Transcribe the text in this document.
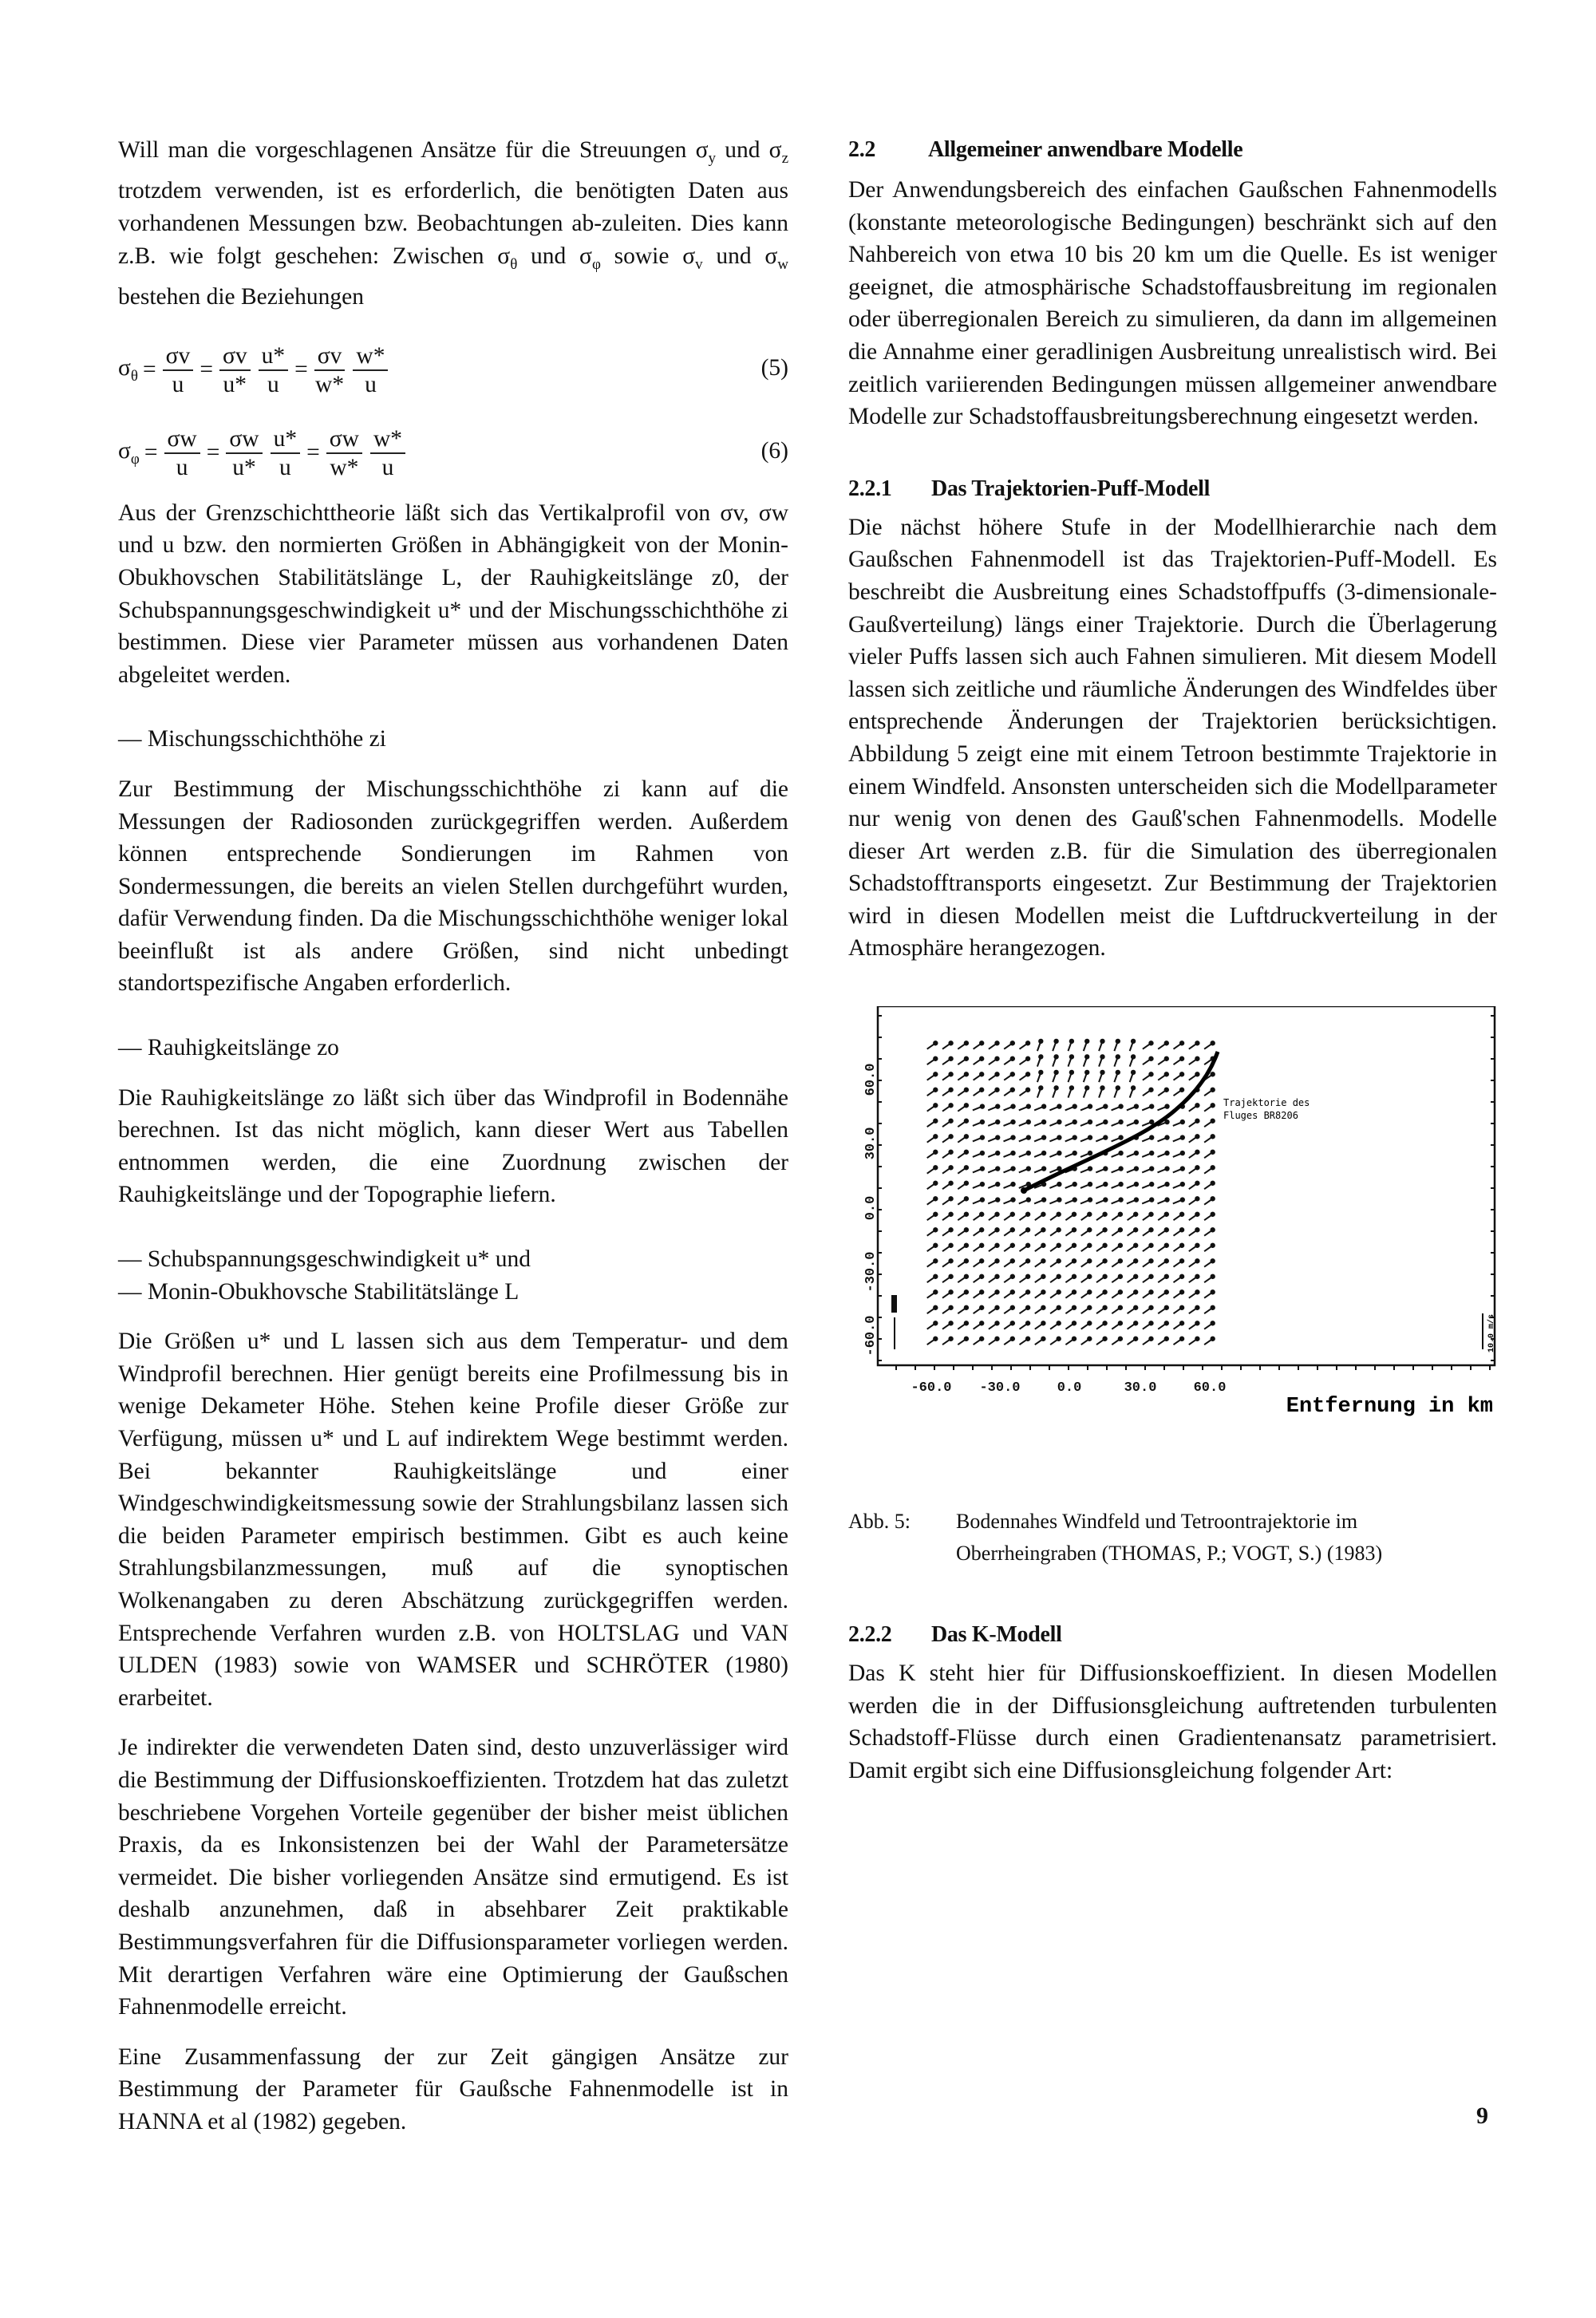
Will man die vorgeschlagenen Ansätze für die Streuungen $\sigma_y$ und $\sigma_z$ trotzdem verwenden, ist es erforderlich, die benötigten Daten aus vorhandenen Messungen bzw. Beobachtungen ab-zuleiten. Dies kann z.B. wie folgt geschehen: Zwischen $\sigma_\theta$ und $\sigma_\varphi$ sowie $\sigma_v$ und $\sigma_w$ bestehen die Beziehungen

$\sigma_\theta = \frac{\sigma v}{u} = \frac{\sigma v}{u*} \frac{u*}{u} = \frac{\sigma v}{w*} \frac{w*}{u}$	(5)
$\sigma_\varphi = \frac{\sigma w}{u} = \frac{\sigma w}{u*} \frac{u*}{u} = \frac{\sigma w}{w*} \frac{w*}{u}$	(6)

Aus der Grenzschichttheorie läßt sich das Vertikalprofil von σv, σw und u bzw. den normierten Größen in Abhängigkeit von der Monin-Obukhovschen Stabilitätslänge L, der Rauhigkeitslänge z0, der Schubspannungsgeschwindigkeit u* und der Mischungsschichthöhe zi bestimmen. Diese vier Parameter müssen aus vorhandenen Daten abgeleitet werden.

— Mischungsschichthöhe zi

Zur Bestimmung der Mischungsschichthöhe zi kann auf die Messungen der Radiosonden zurückgegriffen werden. Außerdem können entsprechende Sondierungen im Rahmen von Sondermessungen, die bereits an vielen Stellen durchgeführt wurden, dafür Verwendung finden. Da die Mischungsschichthöhe weniger lokal beeinflußt ist als andere Größen, sind nicht unbedingt standortspezifische Angaben erforderlich.

— Rauhigkeitslänge zo

Die Rauhigkeitslänge zo läßt sich über das Windprofil in Bodennähe berechnen. Ist das nicht möglich, kann dieser Wert aus Tabellen entnommen werden, die eine Zuordnung zwischen der Rauhigkeitslänge und der Topographie liefern.

— Schubspannungsgeschwindigkeit u* und

— Monin-Obukhovsche Stabilitätslänge L

Die Größen u* und L lassen sich aus dem Temperatur- und dem Windprofil berechnen. Hier genügt bereits eine Profilmessung bis in wenige Dekameter Höhe. Stehen keine Profile dieser Größe zur Verfügung, müssen u* und L auf indirektem Wege bestimmt werden. Bei bekannter Rauhigkeitslänge und einer Windgeschwindigkeitsmessung sowie der Strahlungsbilanz lassen sich die beiden Parameter empirisch bestimmen. Gibt es auch keine Strahlungsbilanzmessungen, muß auf die synoptischen Wolkenangaben zu deren Abschätzung zurückgegriffen werden. Entsprechende Verfahren wurden z.B. von HOLTSLAG und VAN ULDEN (1983) sowie von WAMSER und SCHRÖTER (1980) erarbeitet.

Je indirekter die verwendeten Daten sind, desto unzuverlässiger wird die Bestimmung der Diffusionskoeffizienten. Trotzdem hat das zuletzt beschriebene Vorgehen Vorteile gegenüber der bisher meist üblichen Praxis, da es Inkonsistenzen bei der Wahl der Parametersätze vermeidet. Die bisher vorliegenden Ansätze sind ermutigend. Es ist deshalb anzunehmen, daß in absehbarer Zeit praktikable Bestimmungsverfahren für die Diffusionsparameter vorliegen werden. Mit derartigen Verfahren wäre eine Optimierung der Gaußschen Fahnenmodelle erreicht.

Eine Zusammenfassung der zur Zeit gängigen Ansätze zur Bestimmung der Parameter für Gaußsche Fahnenmodelle ist in HANNA et al (1982) gegeben.

2.2 Allgemeiner anwendbare Modelle

Der Anwendungsbereich des einfachen Gaußschen Fahnenmodells (konstante meteorologische Bedingungen) beschränkt sich auf den Nahbereich von etwa 10 bis 20 km um die Quelle. Es ist weniger geeignet, die atmosphärische Schadstoffausbreitung im regionalen oder überregionalen Bereich zu simulieren, da dann im allgemeinen die Annahme einer geradlinigen Ausbreitung unrealistisch wird. Bei zeitlich variierenden Bedingungen müssen allgemeiner anwendbare Modelle zur Schadstoffausbreitungsberechnung eingesetzt werden.

2.2.1 Das Trajektorien-Puff-Modell

Die nächst höhere Stufe in der Modellhierarchie nach dem Gaußschen Fahnenmodell ist das Trajektorien-Puff-Modell. Es beschreibt die Ausbreitung eines Schadstoffpuffs (3-dimensionale-Gaußverteilung) längs einer Trajektorie. Durch die Überlagerung vieler Puffs lassen sich auch Fahnen simulieren. Mit diesem Modell lassen sich zeitliche und räumliche Änderungen des Windfeldes über entsprechende Änderungen der Trajektorien berücksichtigen. Abbildung 5 zeigt eine mit einem Tetroon bestimmte Trajektorie in einem Windfeld. Ansonsten unterscheiden sich die Modellparameter nur wenig von denen des Gauß'schen Fahnenmodells. Modelle dieser Art werden z.B. für die Simulation des überregionalen Schadstofftransports eingesetzt. Zur Bestimmung der Trajektorien wird in diesen Modellen meist die Luftdruckverteilung in der Atmosphäre herangezogen.

Trajektorie des
Fluges BR8206
60.0
30.0
0.0
-30.0
-60.0
-60.0 -30.0	0.0	30.0	60.0
Entfernung in km
10.0 m/s
Abb. 5:	Bodennahes Windfeld und Tetroontrajektorie im Oberrheingraben (THOMAS, P.; VOGT, S.) (1983)
2.2.2 Das K-Modell

Das K steht hier für Diffusionskoeffizient. In diesen Modellen werden die in der Diffusionsgleichung auftretenden turbulenten Schadstoff-Flüsse durch einen Gradientenansatz parametrisiert. Damit ergibt sich eine Diffusionsgleichung folgender Art:

9
